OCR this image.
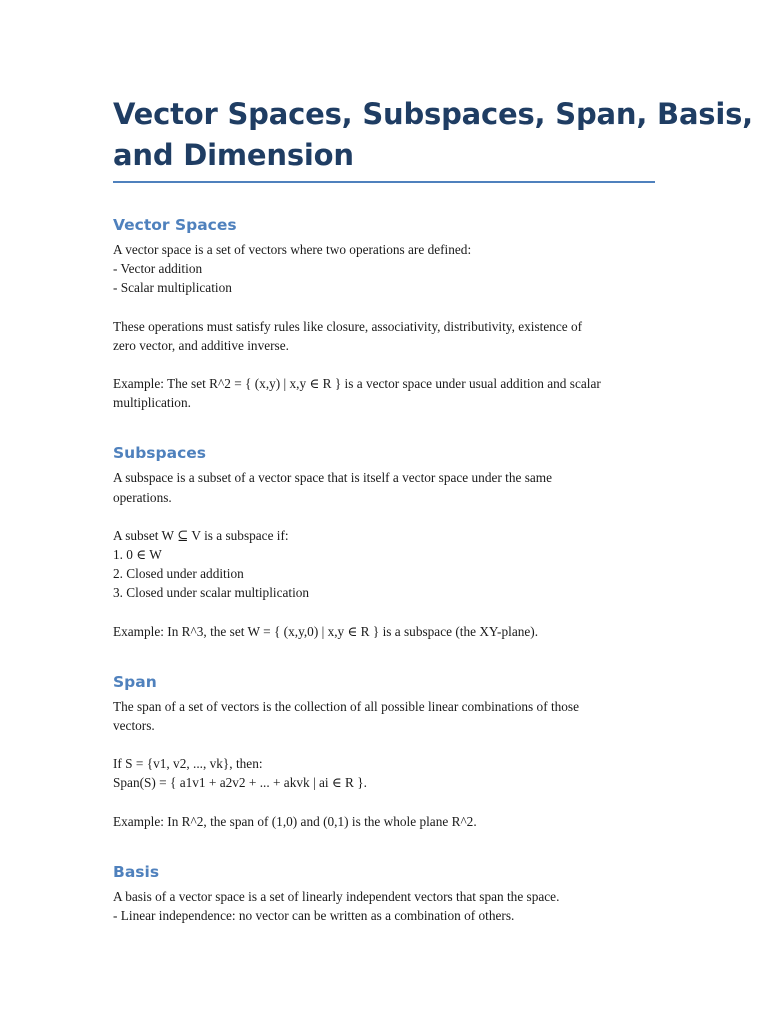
Vector Spaces, Subspaces, Span, Basis,
and Dimension
Vector Spaces

A vector space is a set of vectors where two operations are defined:
- Vector addition
- Scalar multiplication

These operations must satisfy rules like closure, associativity, distributivity, existence of
zero vector, and additive inverse.

Example: The set R^2 = { (x,y) | x,y ∈ R } is a vector space under usual addition and scalar
multiplication.

Subspaces

A subspace is a subset of a vector space that is itself a vector space under the same
operations.

A subset W ⊆ V is a subspace if:
1. 0 ∈ W
2. Closed under addition
3. Closed under scalar multiplication

Example: In R^3, the set W = { (x,y,0) | x,y ∈ R } is a subspace (the XY-plane).

Span

The span of a set of vectors is the collection of all possible linear combinations of those
vectors.

If S = {v1, v2, ..., vk}, then:
Span(S) = { a1v1 + a2v2 + ... + akvk | ai ∈ R }.

Example: In R^2, the span of (1,0) and (0,1) is the whole plane R^2.

Basis

A basis of a vector space is a set of linearly independent vectors that span the space.
- Linear independence: no vector can be written as a combination of others.
